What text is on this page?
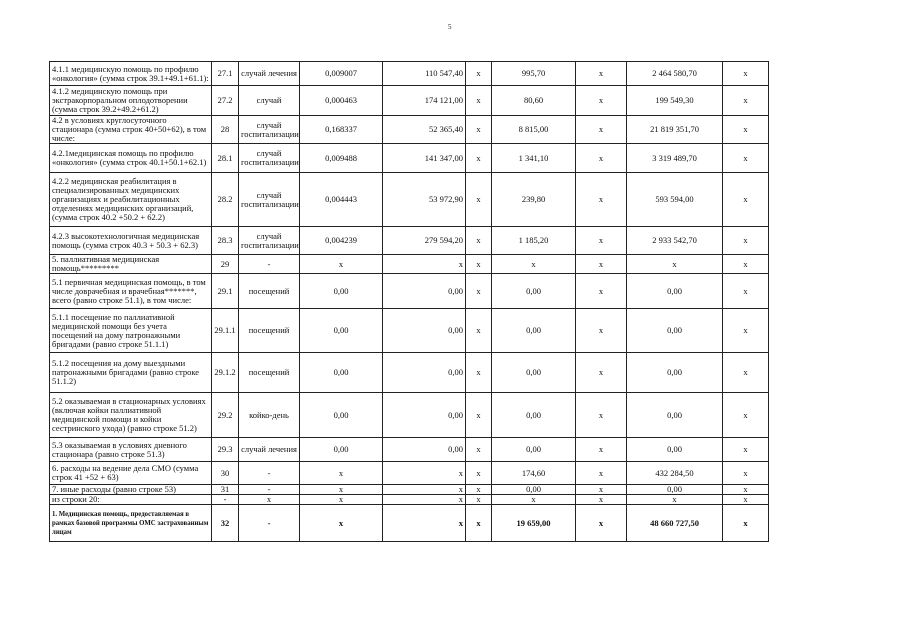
5
4.1.1 медицинскую помощь по профилю «онкология» (сумма строк 39.1+49.1+61.1):	27.1	случай лечения	0,009007	110 547,40	x	995,70	x	2 464 580,70	x
4.1.2 медицинскую помощь при экстракорпоральном оплодотворении (сумма строк 39.2+49.2+61.2)	27.2	случай	0,000463	174 121,00	x	80,60	x	199 549,30	x
4.2 в условиях круглосуточного стационара (сумма строк 40+50+62), в том числе:	28	случай госпитализации	0,168337	52 365,40	x	8 815,00	x	21 819 351,70	x
4.2.1медицинская помощь по профилю «онкология» (сумма строк 40.1+50.1+62.1)	28.1	случай госпитализации	0,009488	141 347,00	x	1 341,10	x	3 319 489,70	x
4.2.2 медицинская реабилитация в специализированных медицинских организациях и реабилитационных отделениях медицинских организаций, (сумма строк 40.2 +50.2 + 62.2)	28.2	случай госпитализации	0,004443	53 972,90	x	239,80	x	593 594,00	x
4.2.3 высокотехнологичная медицинская помощь (сумма строк 40.3 + 50.3 + 62.3)	28.3	случай госпитализации	0,004239	279 594,20	x	1 185,20	x	2 933 542,70	x
5. паллиативная медицинская помощь*********	29	-	x	x	x	x	x	x	x
5.1 первичная медицинская помощь, в том числе доврачебная и врачебная*******, всего (равно строке 51.1), в том числе:	29.1	посещений	0,00	0,00	x	0,00	x	0,00	x
5.1.1 посещение по паллиативной медицинской помощи без учета посещений на дому патронажными бригадами (равно строке 51.1.1)	29.1.1	посещений	0,00	0,00	x	0,00	x	0,00	x
5.1.2 посещения на дому выездными патронажными бригадами (равно строке 51.1.2)	29.1.2	посещений	0,00	0,00	x	0,00	x	0,00	x
5.2 оказываемая в стационарных условиях (включая койки паллиативной медицинской помощи и койки сестринского ухода) (равно строке 51.2)	29.2	койко-день	0,00	0,00	x	0,00	x	0,00	x
5.3 оказываемая в условиях дневного стационара (равно строке 51.3)	29.3	случай лечения	0,00	0,00	x	0,00	x	0,00	x
6. расходы на ведение дела СМО (сумма строк 41 +52 + 63)	30	-	x	x	x	174,60	x	432 284,50	x
7. иные расходы (равно строке 53)	31	-	x	x	x	0,00	x	0,00	x
из строки 20:	-	x	x	x	x	x	x	x	x
1. Медицинская помощь, предоставляемая в рамках базовой программы ОМС застрахованным лицам	32	-	x	x	x	19 659,00	x	48 660 727,50	x
